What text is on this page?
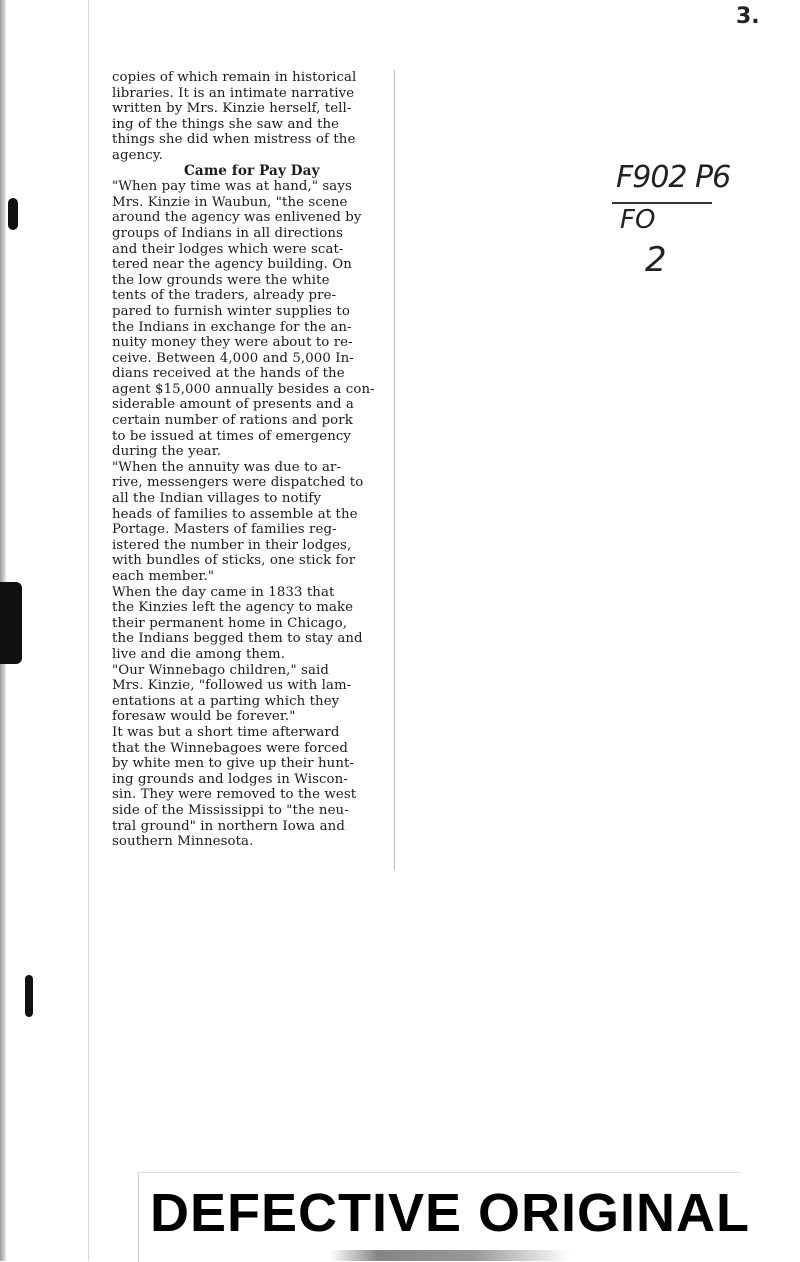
3.
copies of which remain in historical
libraries. It is an intimate narrative
written by Mrs. Kinzie herself, tell-
ing of the things she saw and the
things she did when mistress of the
agency.
Came for Pay Day
"When pay time was at hand," says
Mrs. Kinzie in Waubun, "the scene
around the agency was enlivened by
groups of Indians in all directions
and their lodges which were scat-
tered near the agency building. On
the low grounds were the white
tents of the traders, already pre-
pared to furnish winter supplies to
the Indians in exchange for the an-
nuity money they were about to re-
ceive. Between 4,000 and 5,000 In-
dians received at the hands of the
agent $15,000 annually besides a con-
siderable amount of presents and a
certain number of rations and pork
to be issued at times of emergency
during the year.
"When the annuity was due to ar-
rive, messengers were dispatched to
all the Indian villages to notify
heads of families to assemble at the
Portage. Masters of families reg-
istered the number in their lodges,
with bundles of sticks, one stick for
each member."
When the day came in 1833 that
the Kinzies left the agency to make
their permanent home in Chicago,
the Indians begged them to stay and
live and die among them.
"Our Winnebago children," said
Mrs. Kinzie, "followed us with lam-
entations at a parting which they
foresaw would be forever."
It was but a short time afterward
that the Winnebagoes were forced
by white men to give up their hunt-
ing grounds and lodges in Wiscon-
sin. They were removed to the west
side of the Mississippi to "the neu-
tral ground" in northern Iowa and
southern Minnesota.
F902 P6
FO
2
DEFECTIVE ORIGINAL
